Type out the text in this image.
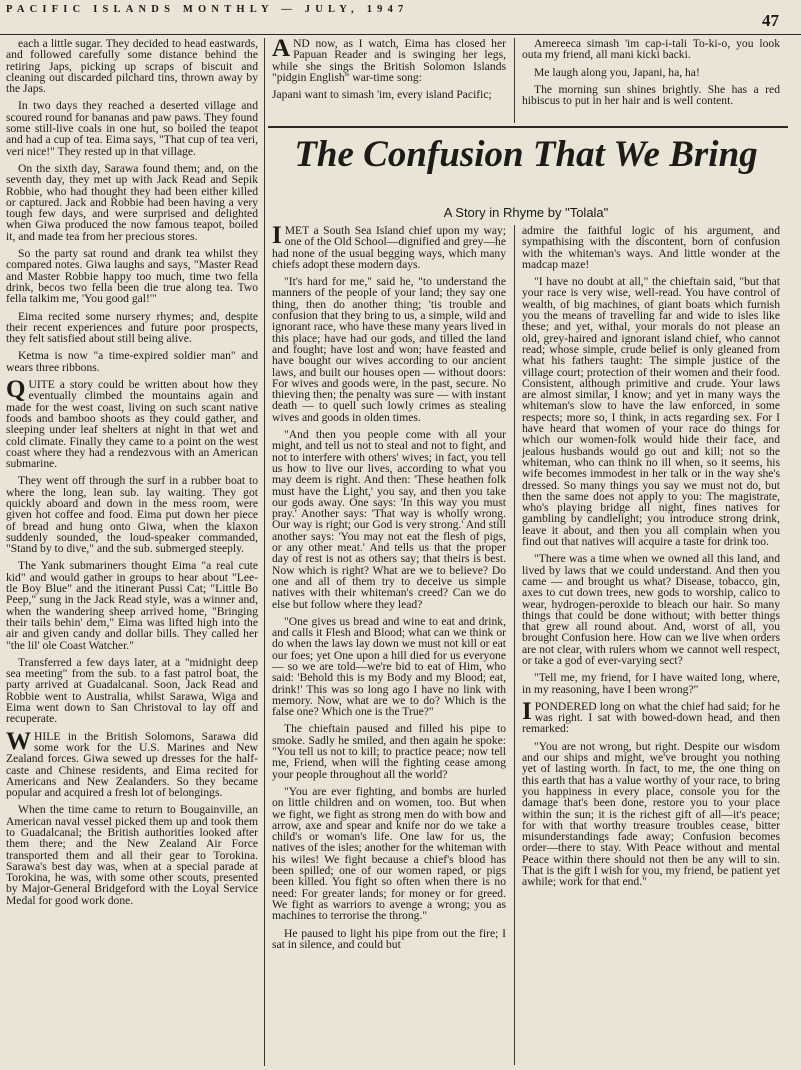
PACIFIC ISLANDS MONTHLY — JULY, 1947
47

each a little sugar. They decided to head eastwards, and followed carefully some distance behind the retiring Japs, picking up scraps of biscuit and cleaning out discarded pilchard tins, thrown away by the Japs.

In two days they reached a deserted village and scoured round for bananas and paw paws. They found some still-live coals in one hut, so boiled the teapot and had a cup of tea. Eima says, "That cup of tea veri, veri nice!" They rested up in that village.

On the sixth day, Sarawa found them; and, on the seventh day, they met up with Jack Read and Sepik Robbie, who had thought they had been either killed or captured. Jack and Robbie had been having a very tough few days, and were surprised and delighted when Giwa produced the now famous teapot, boiled it, and made tea from her precious stores.

So the party sat round and drank tea whilst they compared notes. Giwa laughs and says, "Master Read and Master Robbie happy too much, time two fella drink, becos two fella been die true along tea. Two fella talkim me, 'You good gal!'"

Eima recited some nursery rhymes; and, despite their recent experiences and future poor prospects, they felt satisfied about still being alive.

Ketma is now "a time-expired soldier man" and wears three ribbons.

QUITE a story could be written about how they eventually climbed the mountains again and made for the west coast, living on such scant native foods and bamboo shoots as they could gather, and sleeping under leaf shelters at night in that wet and cold climate. Finally they came to a point on the west coast where they had a rendezvous with an American submarine.

They went off through the surf in a rubber boat to where the long, lean sub. lay waiting. They got quickly aboard and down in the mess room, were given hot coffee and food. Eima put down her piece of bread and hung onto Giwa, when the klaxon suddenly sounded, the loud-speaker commanded, "Stand by to dive," and the sub. submerged steeply.

The Yank submariners thought Eima "a real cute kid" and would gather in groups to hear about "Lee-tle Boy Blue" and the itinerant Pussi Cat; "Little Bo Peep," sung in the Jack Read style, was a winner and, when the wandering sheep arrived home, "Bringing their tails behin' dem," Eima was lifted high into the air and given candy and dollar bills. They called her "the lil' ole Coast Watcher."

Transferred a few days later, at a "midnight deep sea meeting" from the sub. to a fast patrol boat, the party arrived at Guadalcanal. Soon, Jack Read and Robbie went to Australia, whilst Sarawa, Wiga and Eima went down to San Christoval to lay off and recuperate.

WHILE in the British Solomons, Sarawa did some work for the U.S. Marines and New Zealand forces. Giwa sewed up dresses for the half-caste and Chinese residents, and Eima recited for Americans and New Zealanders. So they became popular and acquired a fresh lot of belongings.

When the time came to return to Bougainville, an American naval vessel picked them up and took them to Guadalcanal; the British authorities looked after them there; and the New Zealand Air Force transported them and all their gear to Torokina. Sarawa's best day was, when at a special parade at Torokina, he was, with some other scouts, presented by Major-General Bridgeford with the Loyal Service Medal for good work done.

AND now, as I watch, Eima has closed her Papuan Reader and is swinging her legs, while she sings the British Solomon Islands "pidgin English" war-time song:

Japani want to simash 'im, every island Pacific;

Amereeca simash 'im cap-i-tali To-ki-o, you look outa my friend, all mani kicki backi.

Me laugh along you, Japani, ha, ha!

The morning sun shines brightly. She has a red hibiscus to put in her hair and is well content.

The Confusion That We Bring
A Story in Rhyme by "Tolala"

IMET a South Sea Island chief upon my way; one of the Old School—dignified and grey—he had none of the usual begging ways, which many chiefs adopt these modern days.

"It's hard for me," said he, "to understand the manners of the people of your land; they say one thing, then do another thing; 'tis trouble and confusion that they bring to us, a simple, wild and ignorant race, who have these many years lived in this place; have had our gods, and tilled the land and fought; have lost and won; have feasted and have bought our wives according to our ancient laws, and built our houses open — without doors: For wives and goods were, in the past, secure. No thieving then; the penalty was sure — with instant death — to quell such lowly crimes as stealing wives and goods in olden times.

"And then you people come with all your might, and tell us not to steal and not to fight, and not to interfere with others' wives; in fact, you tell us how to live our lives, according to what you may deem is right. And then: 'These heathen folk must have the Light,' you say, and then you take our gods away. One says: 'In this way you must pray.' Another says: 'That way is wholly wrong. Our way is right; our God is very strong.' And still another says: 'You may not eat the flesh of pigs, or any other meat.' And tells us that the proper day of rest is not as others say; that theirs is best. Now which is right? What are we to believe? Do one and all of them try to deceive us simple natives with their whiteman's creed? Can we do else but follow where they lead?

"One gives us bread and wine to eat and drink, and calls it Flesh and Blood; what can we think or do when the laws lay down we must not kill or eat our foes; yet One upon a hill died for us everyone — so we are told—we're bid to eat of Him, who said: 'Behold this is my Body and my Blood; eat, drink!' This was so long ago I have no link with memory. Now, what are we to do? Which is the false one? Which one is the True?"

The chieftain paused and filled his pipe to smoke. Sadly he smiled, and then again he spoke: "You tell us not to kill; to practice peace; now tell me, Friend, when will the fighting cease among your people throughout all the world?

"You are ever fighting, and bombs are hurled on little children and on women, too. But when we fight, we fight as strong men do with bow and arrow, axe and spear and knife nor do we take a child's or woman's life. One law for us, the natives of the isles; another for the whiteman with his wiles! We fight because a chief's blood has been spilled; one of our women raped, or pigs been killed. You fight so often when there is no need: For greater lands; for money or for greed. We fight as warriors to avenge a wrong; you as machines to terrorise the throng."

He paused to light his pipe from out the fire; I sat in silence, and could but

admire the faithful logic of his argument, and sympathising with the discontent, born of confusion with the whiteman's ways. And little wonder at the madcap maze!

"I have no doubt at all," the chieftain said, "but that your race is very wise, well-read. You have control of wealth, of big machines, of giant boats which furnish you the means of travelling far and wide to isles like these; and yet, withal, your morals do not please an old, grey-haired and ignorant island chief, who cannot read; whose simple, crude belief is only gleaned from what his fathers taught: The simple justice of the village court; protection of their women and their food. Consistent, although primitive and crude. Your laws are almost similar, I know; and yet in many ways the whiteman's slow to have the law enforced, in some respects; more so, I think, in acts regarding sex. For I have heard that women of your race do things for which our women-folk would hide their face, and jealous husbands would go out and kill; not so the whiteman, who can think no ill when, so it seems, his wife becomes immodest in her talk or in the way she's dressed. So many things you say we must not do, but then the same does not apply to you: The magistrate, who's playing bridge all night, fines natives for gambling by candlelight; you introduce strong drink, leave it about, and then you all complain when you find out that natives will acquire a taste for drink too.

"There was a time when we owned all this land, and lived by laws that we could understand. And then you came — and brought us what? Disease, tobacco, gin, axes to cut down trees, new gods to worship, calico to wear, hydrogen-peroxide to bleach our hair. So many things that could be done without; with better things that grew all round about. And, worst of all, you brought Confusion here. How can we live when orders are not clear, with rulers whom we cannot well respect, or take a god of ever-varying sect?

"Tell me, my friend, for I have waited long, where, in my reasoning, have I been wrong?"

IPONDERED long on what the chief had said; for he was right. I sat with bowed-down head, and then remarked:

"You are not wrong, but right. Despite our wisdom and our ships and might, we've brought you nothing yet of lasting worth. In fact, to me, the one thing on this earth that has a value worthy of your race, to bring you happiness in every place, console you for the damage that's been done, restore you to your place within the sun; it is the richest gift of all—it's peace; for with that worthy treasure troubles cease, bitter misunderstandings fade away; Confusion becomes order—there to stay. With Peace without and mental Peace within there should not then be any will to sin. That is the gift I wish for you, my friend, be patient yet awhile; work for that end."
